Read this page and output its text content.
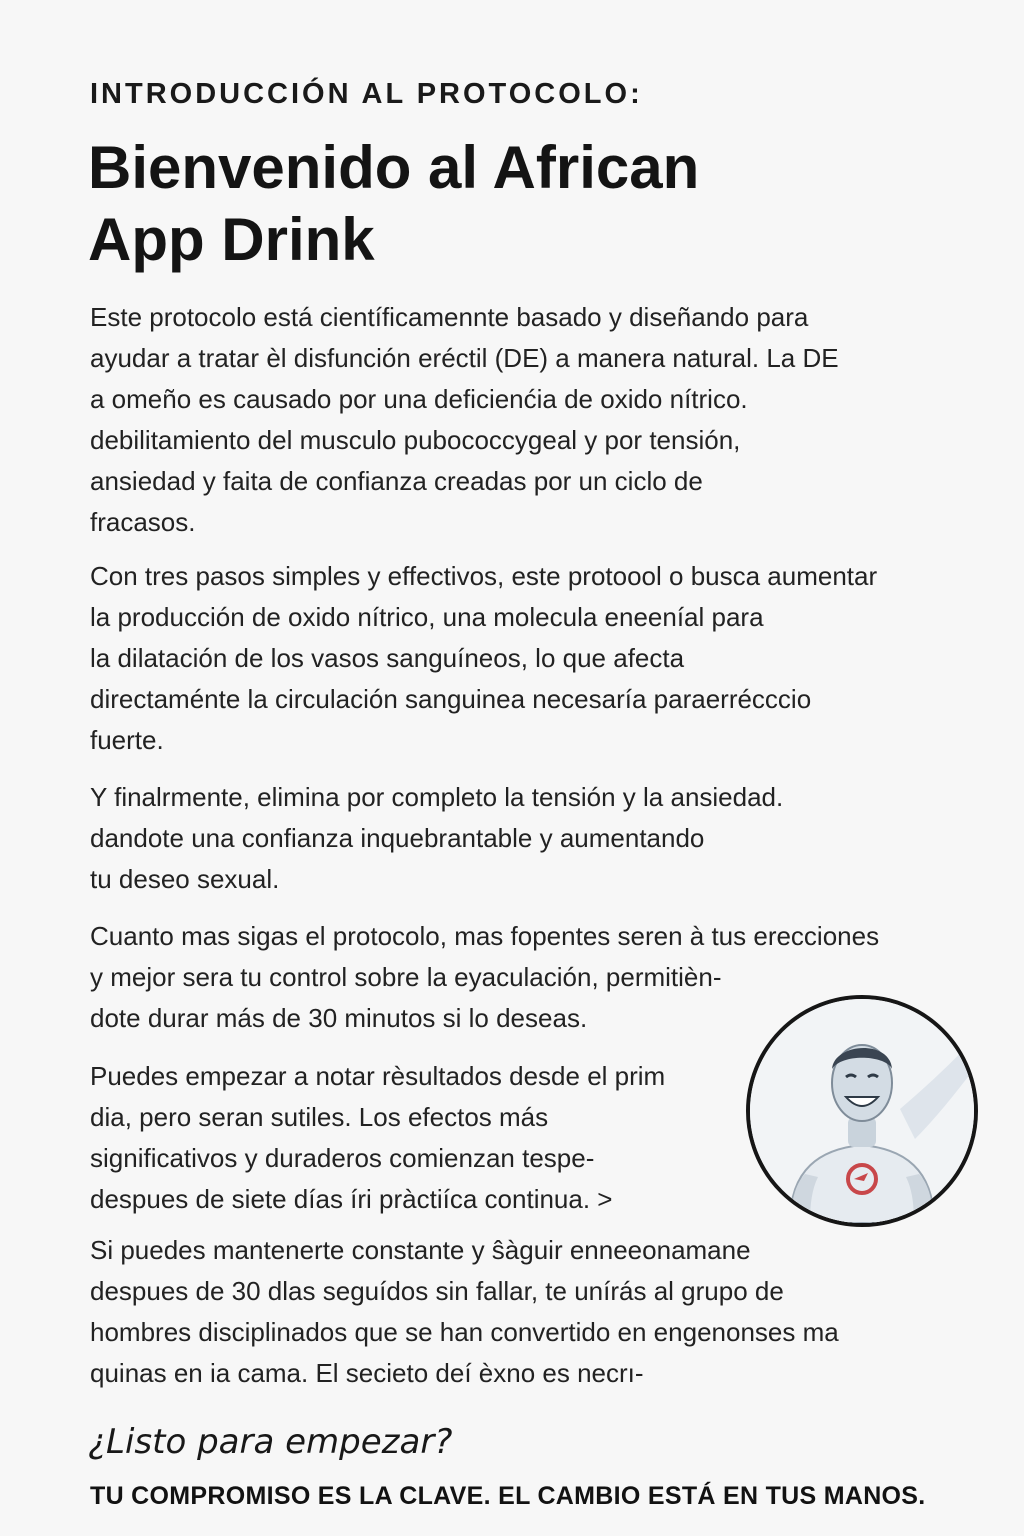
INTRODUCCIÓN AL PROTOCOLO:
Bienvenido al African
App Drink
Este protocolo está científicamennte basado y diseñando para
ayudar a tratar èl disfunción eréctil (DE) a manera natural. La DE
a omeño es causado por una deficienćia de oxido nítrico.
debilitamiento del musculo pubococcygeal y por tensión,
ansiedad y faita de confianza creadas por un ciclo de
fracasos.
Con tres pasos simples y effectivos, este protoool o busca aumentar
la producción de oxido nítrico, una molecula eneeníal para
la dilatación de los vasos sanguíneos, lo que afecta
directaménte la circulación sanguinea necesaría paraerrécccio
fuerte.
Y finalrmente, elimina por completo la tensión y la ansiedad.
dandote una confianza inquebrantable y aumentando
tu deseo sexual.
Cuanto mas sigas el protocolo, mas fopentes seren à tus erecciones
y mejor sera tu control sobre la eyaculación, permitièn-
dote durar más de 30 minutos si lo deseas.
Puedes empezar a notar rèsultados desde el prim
dia, pero seran sutiles. Los efectos más
significativos y duraderos comienzan tespe-
despues de siete días íri pràctiíca continua. ˃
Si puedes mantenerte constante y ŝàguir enneeonamane
despues de 30 dlas seguídos sin fallar, te unírás al grupo de
hombres disciplinados que se han convertido en engenonses ma
quinas en ia cama. El secieto deí èxno es necrı-
¿Listo para empezar?
TU COMPROMISO ES LA CLAVE. EL CAMBIO ESTÁ EN TUS MANOS.
